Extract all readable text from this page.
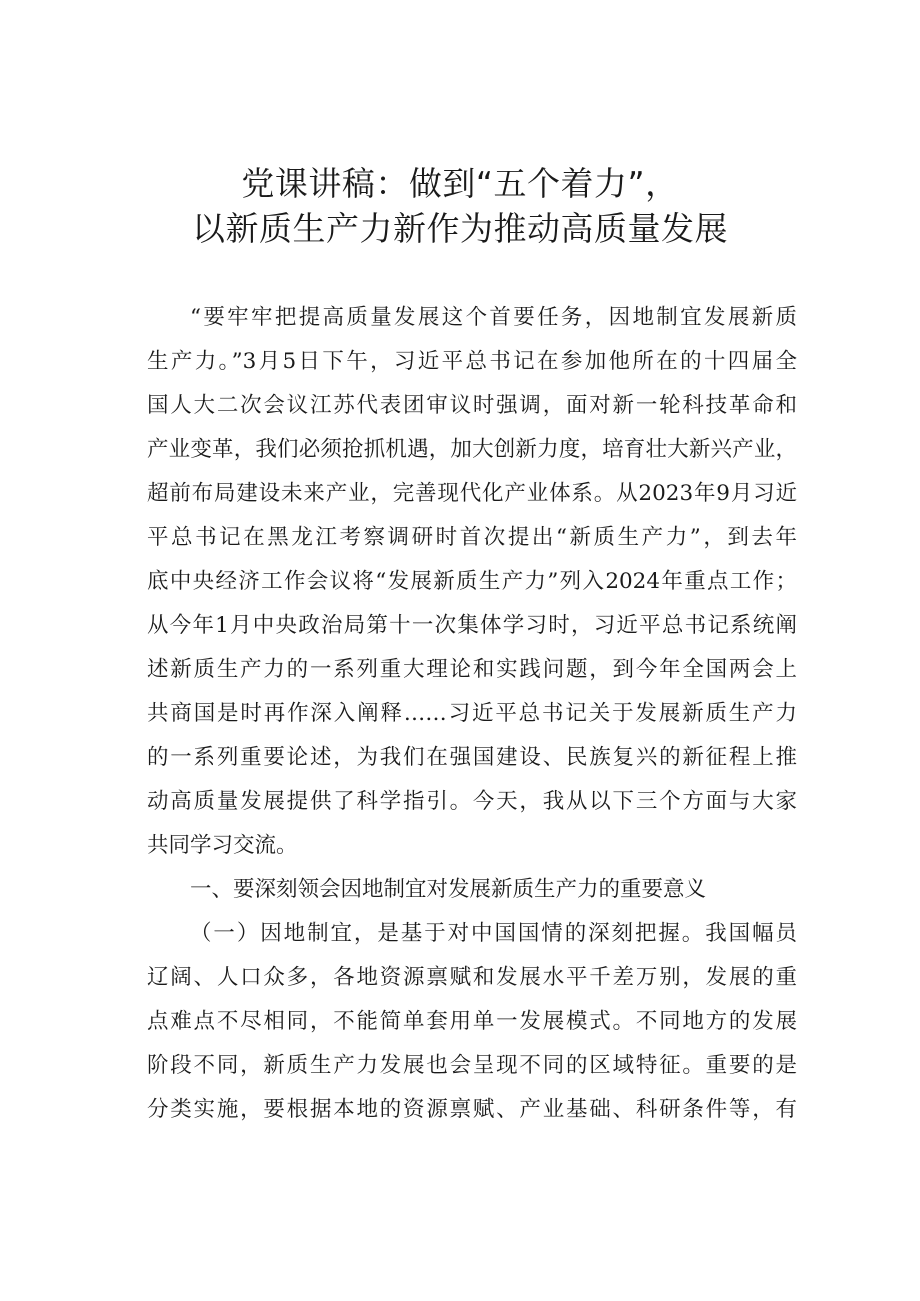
党课讲稿：做到“五个着力”，
以新质生产力新作为推动高质量发展
“要牢牢把提高质量发展这个首要任务，因地制宜发展新质
生产力。”3月5日下午，习近平总书记在参加他所在的十四届全
国人大二次会议江苏代表团审议时强调，面对新一轮科技革命和
产业变革，我们必须抢抓机遇，加大创新力度，培育壮大新兴产业，
超前布局建设未来产业，完善现代化产业体系。从2023年9月习近
平总书记在黑龙江考察调研时首次提出“新质生产力”，到去年
底中央经济工作会议将“发展新质生产力”列入2024年重点工作；
从今年1月中央政治局第十一次集体学习时，习近平总书记系统阐
述新质生产力的一系列重大理论和实践问题，到今年全国两会上
共商国是时再作深入阐释……习近平总书记关于发展新质生产力
的一系列重要论述，为我们在强国建设、民族复兴的新征程上推
动高质量发展提供了科学指引。今天，我从以下三个方面与大家
共同学习交流。
一、要深刻领会因地制宜对发展新质生产力的重要意义
（一）因地制宜，是基于对中国国情的深刻把握。我国幅员
辽阔、人口众多，各地资源禀赋和发展水平千差万别，发展的重
点难点不尽相同，不能简单套用单一发展模式。不同地方的发展
阶段不同，新质生产力发展也会呈现不同的区域特征。重要的是
分类实施，要根据本地的资源禀赋、产业基础、科研条件等，有
